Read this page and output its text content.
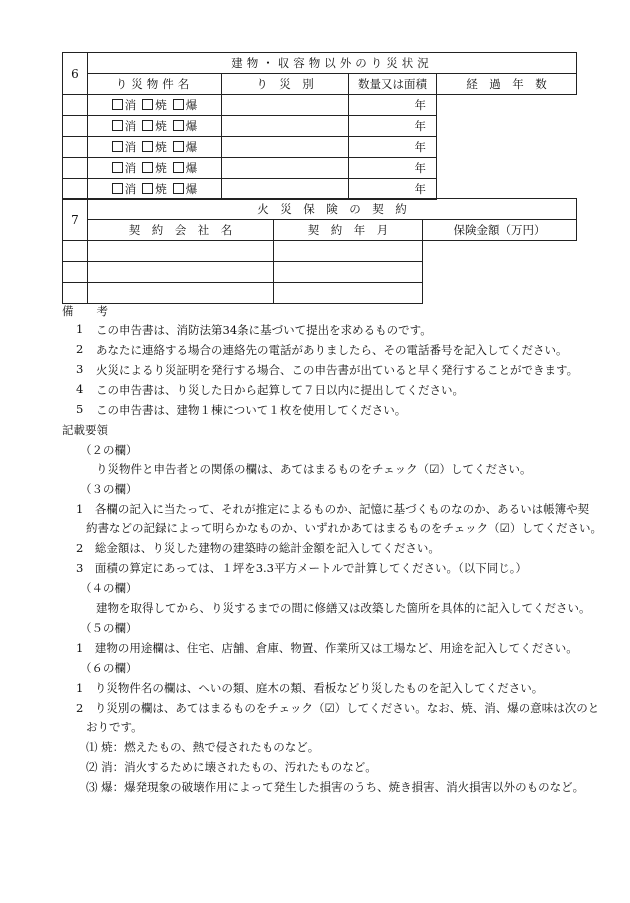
6	建物・収容物以外のり災状況			
	り災物件名	り　災　別	数量又は面積	経　過　年　数
	消 焼 爆		年	
	消 焼 爆		年	
	消 焼 爆		年	
	消 焼 爆		年	
	消 焼 爆		年	
7	火　災　保　険　の　契　約		
	契　約　会　社　名	契　約　年　月	保険金額（万円）

備　　考
1 この申告書は、消防法第34条に基づいて提出を求めるものです。
2 あなたに連絡する場合の連絡先の電話がありましたら、その電話番号を記入してください。
3 火災によるり災証明を発行する場合、この申告書が出ていると早く発行することができます。
4 この申告書は、り災した日から起算して７日以内に提出してください。
5 この申告書は、建物１棟について１枚を使用してください。
記載要領
（２の欄）
り災物件と申告者との関係の欄は、あてはまるものをチェック（☑）してください。
（３の欄）
1　各欄の記入に当たって、それが推定によるものか、記憶に基づくものなのか、あるいは帳簿や契
約書などの記録によって明らかなものか、いずれかあてはまるものをチェック（☑）してください。
2　総金額は、り災した建物の建築時の総計金額を記入してください。
3　面積の算定にあっては、１坪を3.3平方メートルで計算してください。（以下同じ。）
（４の欄）
建物を取得してから、り災するまでの間に修繕又は改築した箇所を具体的に記入してください。
（５の欄）
1　建物の用途欄は、住宅、店舗、倉庫、物置、作業所又は工場など、用途を記入してください。
（６の欄）
1　り災物件名の欄は、へいの類、庭木の類、看板などり災したものを記入してください。
2　り災別の欄は、あてはまるものをチェック（☑）してください。なお、焼、消、爆の意味は次のと
おりです。
⑴ 焼：燃えたもの、熱で侵されたものなど。
⑵ 消：消火するために壊されたもの、汚れたものなど。
⑶ 爆：爆発現象の破壊作用によって発生した損害のうち、焼き損害、消火損害以外のものなど。
